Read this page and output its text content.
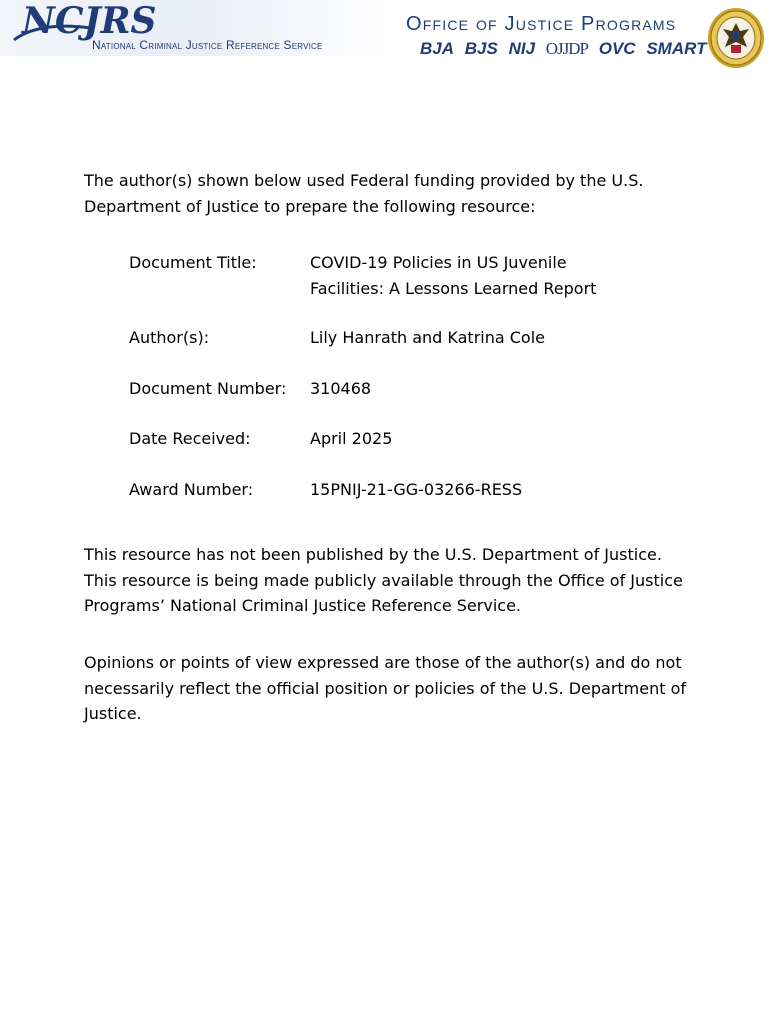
NCJRS
National Criminal Justice Reference Service
Office of Justice Programs
BJA BJS NIJ OJJDP OVC SMART
The author(s) shown below used Federal funding provided by the U.S. Department of Justice to prepare the following resource:
Document Title:	COVID-19 Policies in US Juvenile Facilities: A Lessons Learned Report
Author(s):	Lily Hanrath and Katrina Cole
Document Number: 310468
Date Received:	April 2025
Award Number:	15PNIJ-21-GG-03266-RESS
This resource has not been published by the U.S. Department of Justice. This resource is being made publicly available through the Office of Justice Programs’ National Criminal Justice Reference Service.
Opinions or points of view expressed are those of the author(s) and do not necessarily reflect the official position or policies of the U.S. Department of Justice.
